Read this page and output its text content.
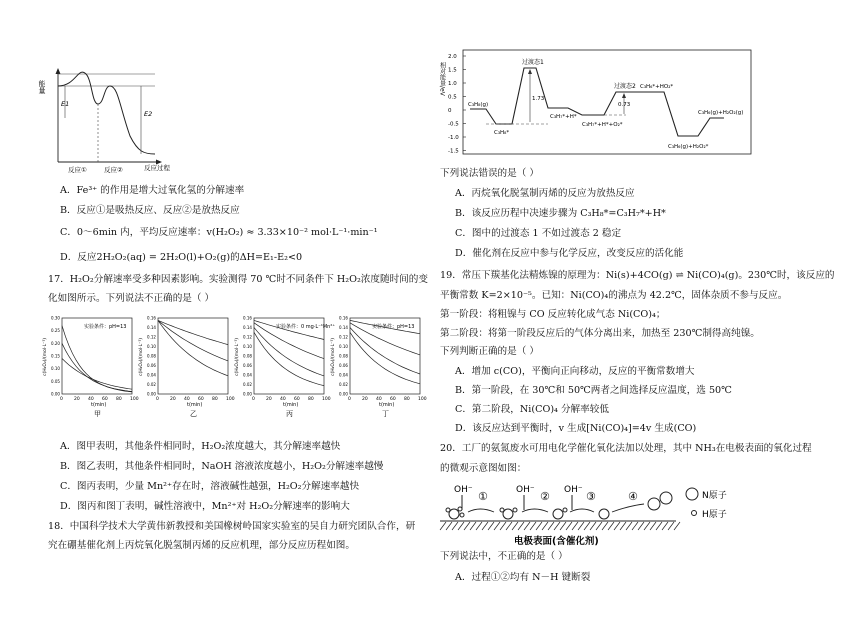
能量
E1
E2
反应①	反应②	反应过程
A．Fe³⁺ 的作用是增大过氧化氢的分解速率
B．反应①是吸热反应、反应②是放热反应
C．0～6min 内，平均反应速率：v(H₂O₂) ≈ 3.33×10⁻² mol·L⁻¹·min⁻¹
D．反应2H₂O₂(aq) = 2H₂O(l)+O₂(g)的ΔH=E₁-E₂<0
17．H₂O₂分解速率受多种因素影响。实验测得 70 ℃时不同条件下 H₂O₂浓度随时间的变
化如图所示。下列说法不正确的是（ ）
c(H₂O₂)/(mol·L⁻¹)
0.00
0.05
0.10
0.15
0.20
0.25
0.30
0 20 40 60 80 100
t(min)
甲
实验条件：pH=13
c(H₂O₂)/(mol·L⁻¹)
0.00
0.02
0.04
0.06
0.08
0.10
0.12
0.14
0.16
0 20 40 60 80 100
t(min)
乙
c(H₂O₂)/(mol·L⁻¹)
0.00
0.02
0.04
0.06
0.08
0.10
0.12
0.14
0.16
0 20 40 60 80 100
t(min)
丙
实验条件：0 mg·L⁻¹Mn²⁺
c(H₂O₂)/(mol·L⁻¹)
0.00
0.02
0.04
0.06
0.08
0.10
0.12
0.14
0.16
0 20 40 60 80 100
t(min)
丁
实验条件：pH=13
A．图甲表明，其他条件相同时，H₂O₂浓度越大，其分解速率越快
B．图乙表明，其他条件相同时，NaOH 溶液浓度越小，H₂O₂分解速率越慢
C．图丙表明，少量 Mn²⁺存在时，溶液碱性越强，H₂O₂分解速率越快
D．图丙和图丁表明，碱性溶液中，Mn²⁺对 H₂O₂分解速率的影响大
18．中国科学技术大学黄伟新教授和美国橡树岭国家实验室的吴自力研究团队合作，研
究在硼基催化剂上丙烷氧化脱氢制丙烯的反应机理，部分反应历程如图。
相对能量/eV
2.0
1.5
1.0
0.5
0
-0.5
-1.0
-1.5
过渡态1
过渡态2
1.73
0.73
C₃H₈(g)
C₃H₈*
C₃H₇*+H*
C₃H₇*+H*+O₂*
C₃H₆*+HO₂*
C₃H₆(g)+H₂O₂*
C₃H₆(g)+H₂O₂(g)
下列说法错误的是（ ）
A．丙烷氧化脱氢制丙烯的反应为放热反应
B．该反应历程中决速步骤为 C₃H₈*=C₃H₇*+H*
C．图中的过渡态 1 不如过渡态 2 稳定
D．催化剂在反应中参与化学反应，改变反应的活化能
19．常压下羰基化法精炼镍的原理为：Ni(s)+4CO(g) ⇌ Ni(CO)₄(g)。230℃时，该反应的
平衡常数 K=2×10⁻⁵。已知：Ni(CO)₄的沸点为 42.2℃，固体杂质不参与反应。
第一阶段：将粗镍与 CO 反应转化成气态 Ni(CO)₄；
第二阶段：将第一阶段反应后的气体分离出来，加热至 230℃制得高纯镍。
下列判断正确的是（ ）
A．增加 c(CO)，平衡向正向移动，反应的平衡常数增大
B．第一阶段，在 30℃和 50℃两者之间选择反应温度，选 50℃
C．第二阶段，Ni(CO)₄ 分解率较低
D．该反应达到平衡时，v 生成[Ni(CO)₄]=4v 生成(CO)
20．工厂的氨氮废水可用电化学催化氧化法加以处理，其中 NH₃在电极表面的氧化过程
的微观示意图如图：
OH⁻	OH⁻	OH⁻
①	②	③	④
电极表面(含催化剂)
N原子
H原子
下列说法中，不正确的是（ ）
A．过程①②均有 N－H 键断裂
